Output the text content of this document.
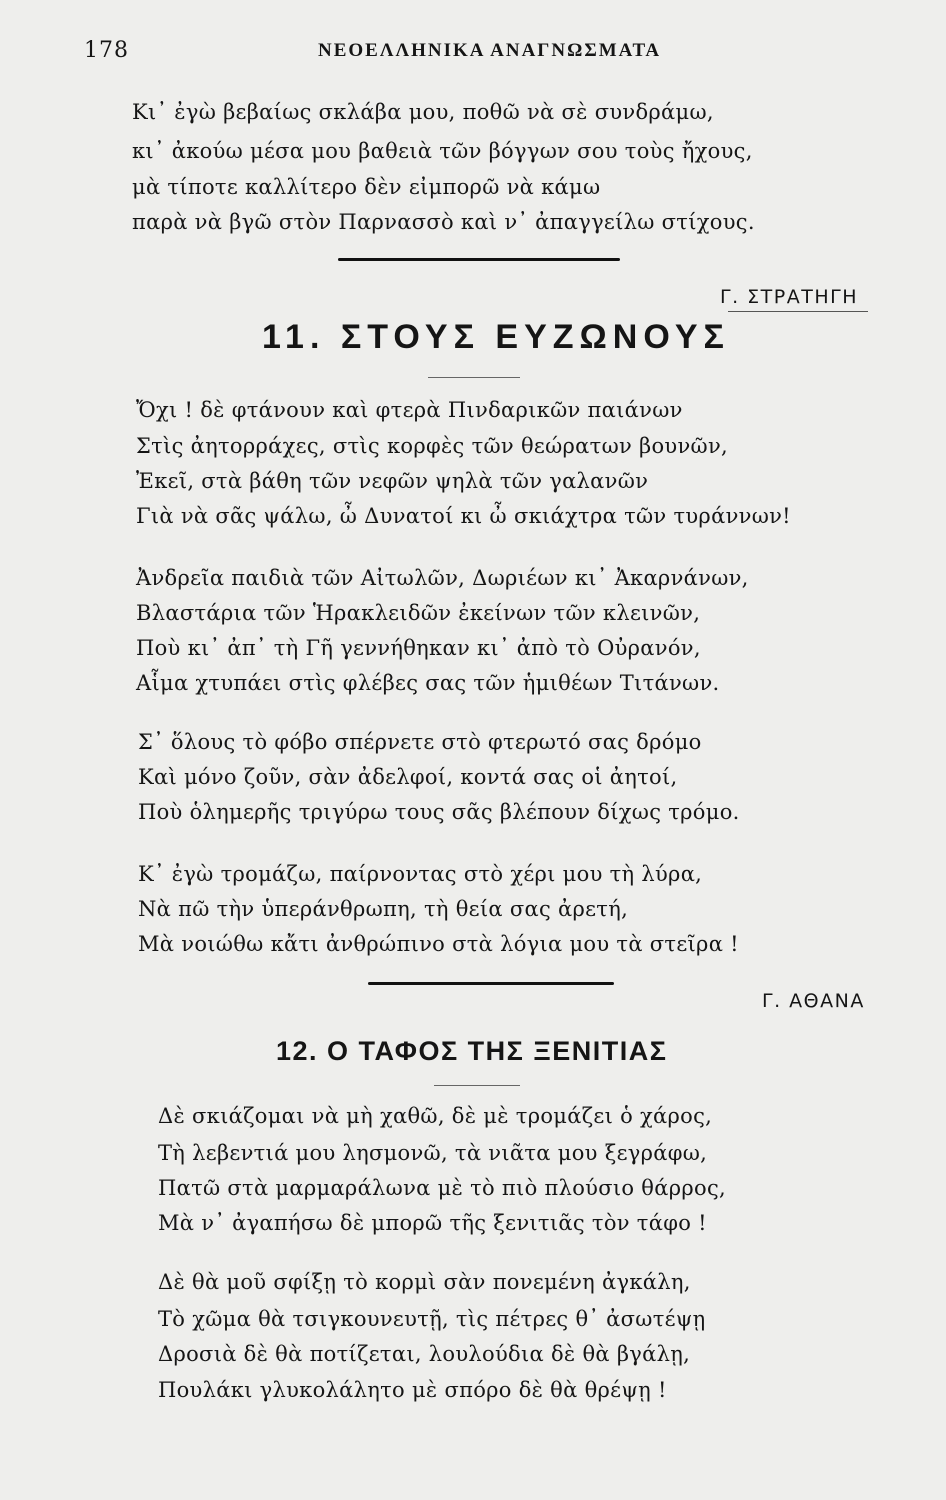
178	ΝΕΟΕΛΛΗΝΙΚΑ ΑΝΑΓΝΩΣΜΑΤΑ
Κι᾽ ἐγὼ βεβαίως σκλάβα μου, ποθῶ νὰ σὲ συνδράμω,
κι᾽ ἀκούω μέσα μου βαθειὰ τῶν βόγγων σου τοὺς ἤχους,
μὰ τίποτε καλλίτερο δὲν εἰμπορῶ νὰ κάμω
παρὰ νὰ βγῶ στὸν Παρνασσὸ καὶ ν᾽ ἀπαγγείλω στίχους.
Γ. ΣΤΡΑΤΗΓΗ
11. ΣΤΟΥΣ ΕΥΖΩΝΟΥΣ
Ὄχι ! δὲ φτάνουν καὶ φτερὰ Πινδαρικῶν παιάνων
Στὶς ἀητορράχες, στὶς κορφὲς τῶν θεώρατων βουνῶν,
Ἐκεῖ, στὰ βάθη τῶν νεφῶν ψηλὰ τῶν γαλανῶν
Γιὰ νὰ σᾶς ψάλω, ὦ Δυνατοί κι ὦ σκιάχτρα τῶν τυράννων!
Ἀνδρεῖα παιδιὰ τῶν Αἰτωλῶν, Δωριέων κι᾽ Ἀκαρνάνων,
Βλαστάρια τῶν Ἡρακλειδῶν ἐκείνων τῶν κλεινῶν,
Ποὺ κι᾽ ἀπ᾽ τὴ Γῆ γεννήθηκαν κι᾽ ἀπὸ τὸ Οὐρανόν,
Αἷμα χτυπάει στὶς φλέβες σας τῶν ἡμιθέων Τιτάνων.
Σ᾽ ὅλους τὸ φόβο σπέρνετε στὸ φτερωτό σας δρόμο
Καὶ μόνο ζοῦν, σὰν ἀδελφοί, κοντά σας οἱ ἀητοί,
Ποὺ ὁλημερῆς τριγύρω τους σᾶς βλέπουν δίχως τρόμο.
Κ᾽ ἐγὼ τρομάζω, παίρνοντας στὸ χέρι μου τὴ λύρα,
Νὰ πῶ τὴν ὑπεράνθρωπη, τὴ θεία σας ἀρετή,
Μὰ νοιώθω κἄτι ἀνθρώπινο στὰ λόγια μου τὰ στεῖρα !
Γ. ΑΘΑΝΑ
12. Ο ΤΑΦΟΣ ΤΗΣ ΞΕΝΙΤΙΑΣ
Δὲ σκιάζομαι νὰ μὴ χαθῶ, δὲ μὲ τρομάζει ὁ χάρος,
Τὴ λεβεντιά μου λησμονῶ, τὰ νιᾶτα μου ξεγράφω,
Πατῶ στὰ μαρμαράλωνα μὲ τὸ πιὸ πλούσιο θάρρος,
Μὰ ν᾽ ἀγαπήσω δὲ μπορῶ τῆς ξενιτιᾶς τὸν τάφο !
Δὲ θὰ μοῦ σφίξῃ τὸ κορμὶ σὰν πονεμένη ἀγκάλη,
Τὸ χῶμα θὰ τσιγκουνευτῇ, τὶς πέτρες θ᾽ ἀσωτέψῃ
Δροσιὰ δὲ θὰ ποτίζεται, λουλούδια δὲ θὰ βγάλῃ,
Πουλάκι γλυκολάλητο μὲ σπόρο δὲ θὰ θρέψῃ !
